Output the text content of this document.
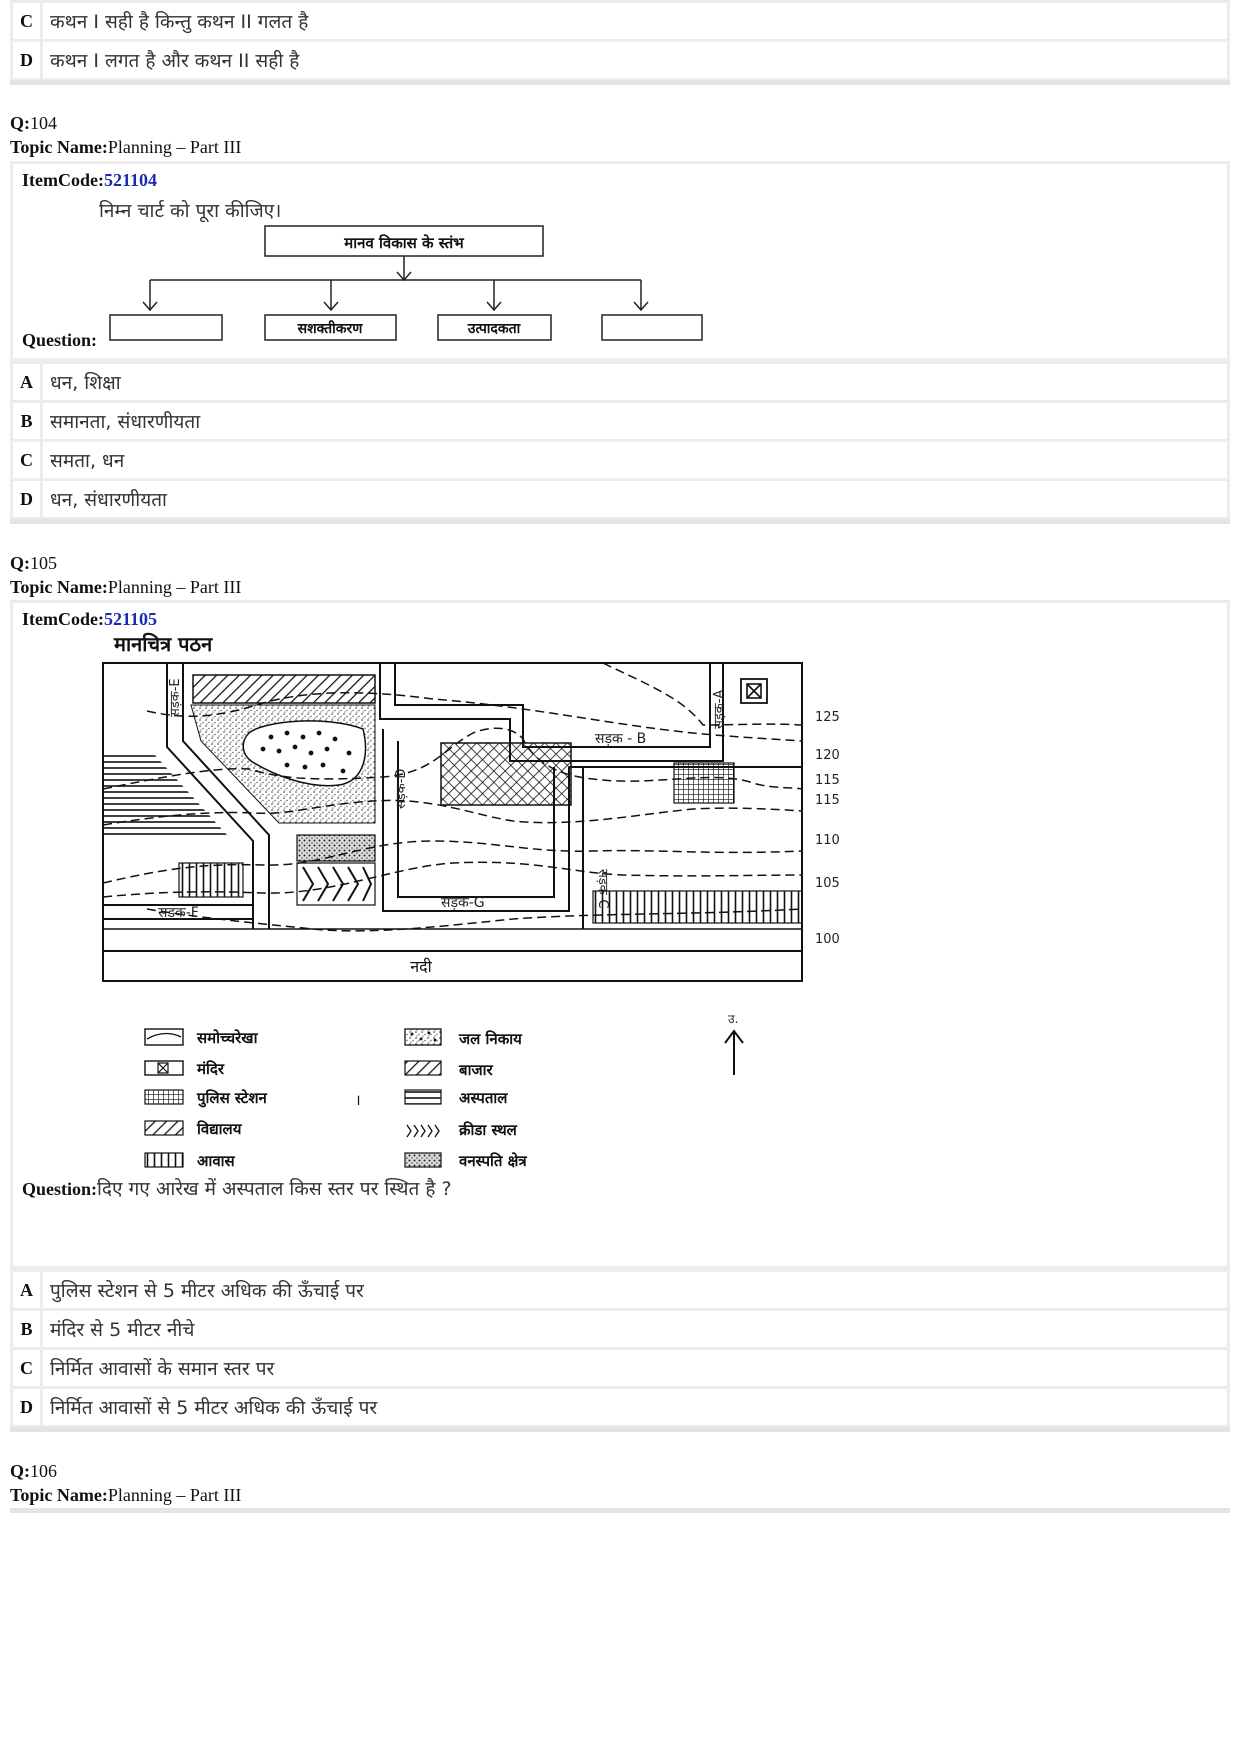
C कथन I सही है किन्तु कथन II गलत है
D कथन I लगत है और कथन II सही है
Q:104
Topic Name:Planning – Part III
ItemCode:521104
निम्न चार्ट को पूरा कीजिए।
मानव विकास के स्तंभ
सशक्तीकरण	उत्पादकता
Question:
A धन, शिक्षा
B समानता, संधारणीयता
C समता, धन
D धन, संधारणीयता
Q:105
Topic Name:Planning – Part III
ItemCode:521105
मानचित्र पठन
नदी
सड़क-E	सड़क-A
सड़क - B
सड़क-D
सड़क-C
सड़क-G
सड़क-F
125
120
115
115
110
105
100
उ.
समोच्चरेखा
मंदिर
पुलिस स्टेशन	।
विद्यालय
आवास
जल निकाय
बाजार
अस्पताल
क्रीडा स्थल
वनस्पति क्षेत्र
Question:दिए गए आरेख में अस्पताल किस स्तर पर स्थित है ?
A पुलिस स्टेशन से 5 मीटर अधिक की ऊँचाई पर
B मंदिर से 5 मीटर नीचे
C निर्मित आवासों के समान स्तर पर
D निर्मित आवासों से 5 मीटर अधिक की ऊँचाई पर
Q:106
Topic Name:Planning – Part III
